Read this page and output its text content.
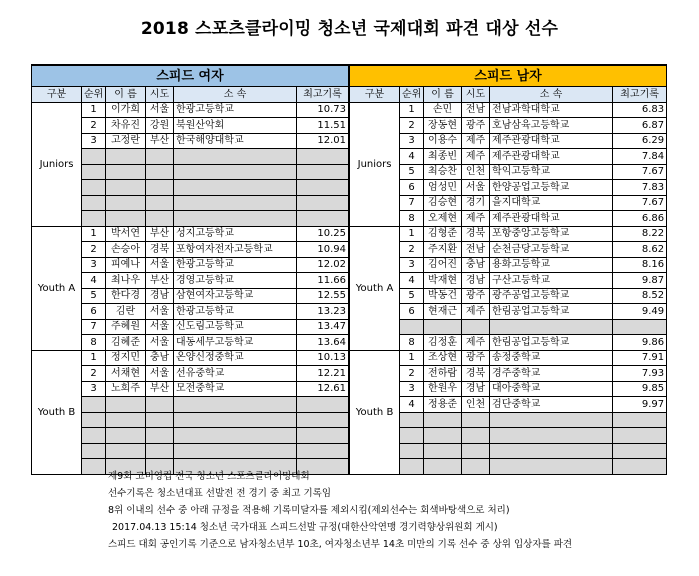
2018 스포츠클라이밍 청소년 국제대회 파견 대상 선수
스피드 여자					
구분	순위	이 름	시도	소 속	최고기록
Juniors	1	이가희	서울	한광고등학교	10.73
	2	차유진	강원	북원산악회	11.51
	3	고정란	부산	한국해양대학교	12.01

Youth A	1	박서연	부산	성지고등학교	10.25
	2	손승아	경북	포항여자전자고등학교	10.94
	3	피예나	서울	한광고등학교	12.02
	4	최나우	부산	경영고등학교	11.66
	5	한다경	경남	삼현여자고등학교	12.55
	6	김란	서울	한광고등학교	13.23
	7	주혜원	서울	신도림고등학교	13.47
	8	김혜준	서울	대동세무고등학교	13.64
Youth B	1	정지민	충남	온양신정중학교	10.13
	2	서채현	서울	선유중학교	12.21
	3	노희주	부산	모전중학교	12.61

스피드 남자					
구분	순위	이 름	시도	소 속	최고기록
Juniors	1	손민	전남	전남과학대학교	6.83
	2	장동현	광주	호남삼육고등학교	6.87
	3	이용수	제주	제주관광대학교	6.29
	4	최종빈	제주	제주관광대학교	7.84
	5	최승찬	인천	학익고등학교	7.67
	6	엄성민	서울	한양공업고등학교	7.83
	7	김승현	경기	을지대학교	7.67
	8	오제현	제주	제주관광대학교	6.86
Youth A	1	김형준	경북	포항중앙고등학교	8.22
	2	주지환	전남	순천금당고등학교	8.62
	3	김어진	충남	용화고등학교	8.16
	4	박재현	경남	구산고등학교	9.87
	5	박동건	광주	광주공업고등학교	8.52
	6	현재근	제주	한림공업고등학교	9.49

	8	김정훈	제주	한림공업고등학교	9.86
Youth B	1	조상현	광주	송정중학교	7.91
	2	전하람	경북	경주중학교	7.93
	3	한원우	경남	대아중학교	9.85
	4	정용준	인천	검단중학교	9.97

제9회 고미영컵 전국 청소년 스포츠클라이밍대회
선수기록은 청소년대표 선발전 전 경기 중 최고 기록임
8위 이내의 선수 중 아래 규정을 적용해 기록미달자를 제외시킴(제외선수는 회색바탕색으로 처리)
2017.04.13 15:14 청소년 국가대표 스피드선발 규정(대한산악연맹 경기력향상위원회 게시)
스피드 대회 공인기록 기준으로 남자청소년부 10초, 여자청소년부 14초 미만의 기록 선수 중 상위 입상자를 파견
